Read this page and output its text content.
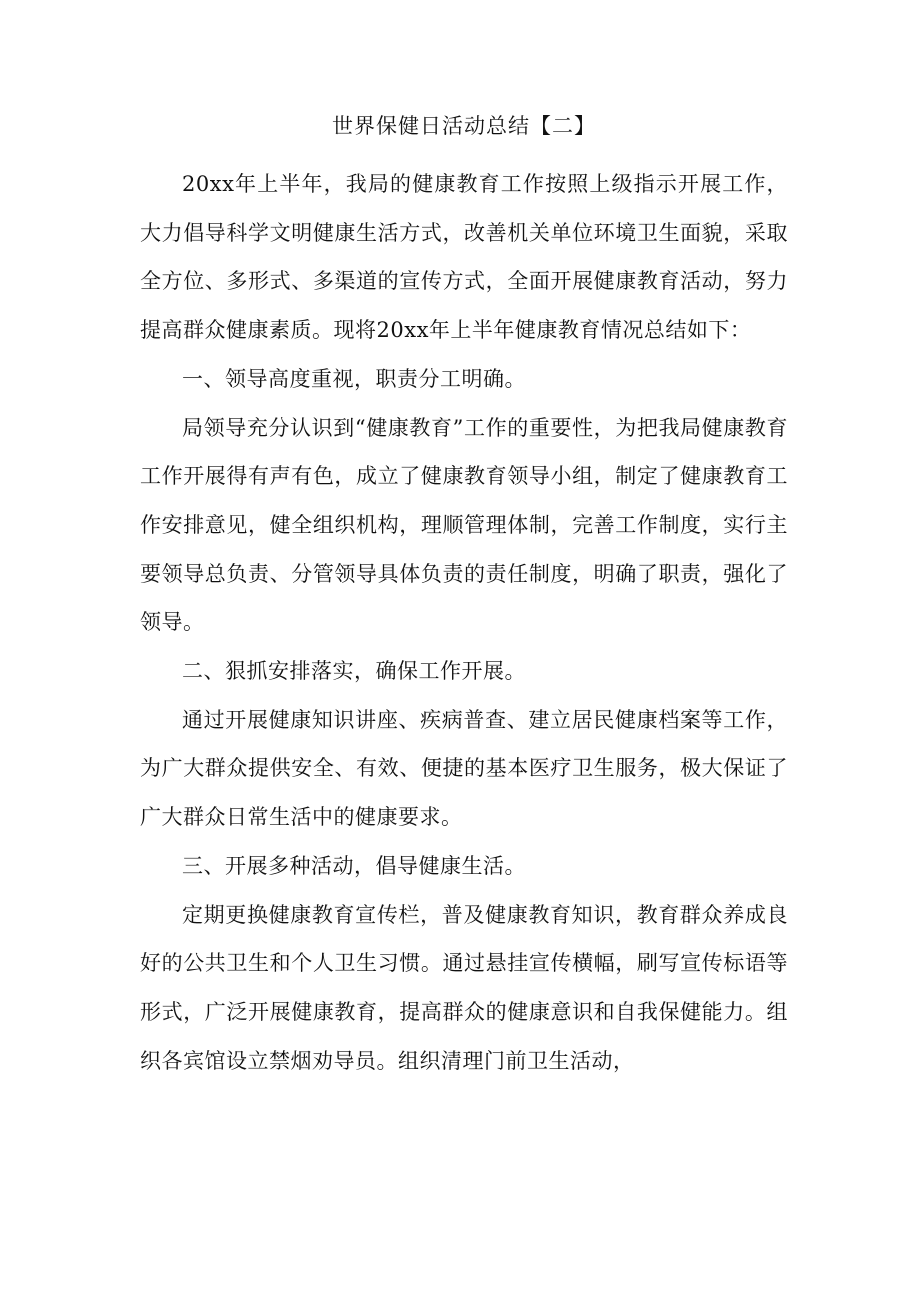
世界保健日活动总结【二】

20xx年上半年，我局的健康教育工作按照上级指示开展工作，大力倡导科学文明健康生活方式，改善机关单位环境卫生面貌，采取全方位、多形式、多渠道的宣传方式，全面开展健康教育活动，努力提高群众健康素质。现将20xx年上半年健康教育情况总结如下：

一、领导高度重视，职责分工明确。

局领导充分认识到“健康教育”工作的重要性，为把我局健康教育工作开展得有声有色，成立了健康教育领导小组，制定了健康教育工作安排意见，健全组织机构，理顺管理体制，完善工作制度，实行主要领导总负责、分管领导具体负责的责任制度，明确了职责，强化了领导。

二、狠抓安排落实，确保工作开展。

通过开展健康知识讲座、疾病普查、建立居民健康档案等工作，为广大群众提供安全、有效、便捷的基本医疗卫生服务，极大保证了广大群众日常生活中的健康要求。

三、开展多种活动，倡导健康生活。

定期更换健康教育宣传栏，普及健康教育知识，教育群众养成良好的公共卫生和个人卫生习惯。通过悬挂宣传横幅，刷写宣传标语等形式，广泛开展健康教育，提高群众的健康意识和自我保健能力。组织各宾馆设立禁烟劝导员。组织清理门前卫生活动，
